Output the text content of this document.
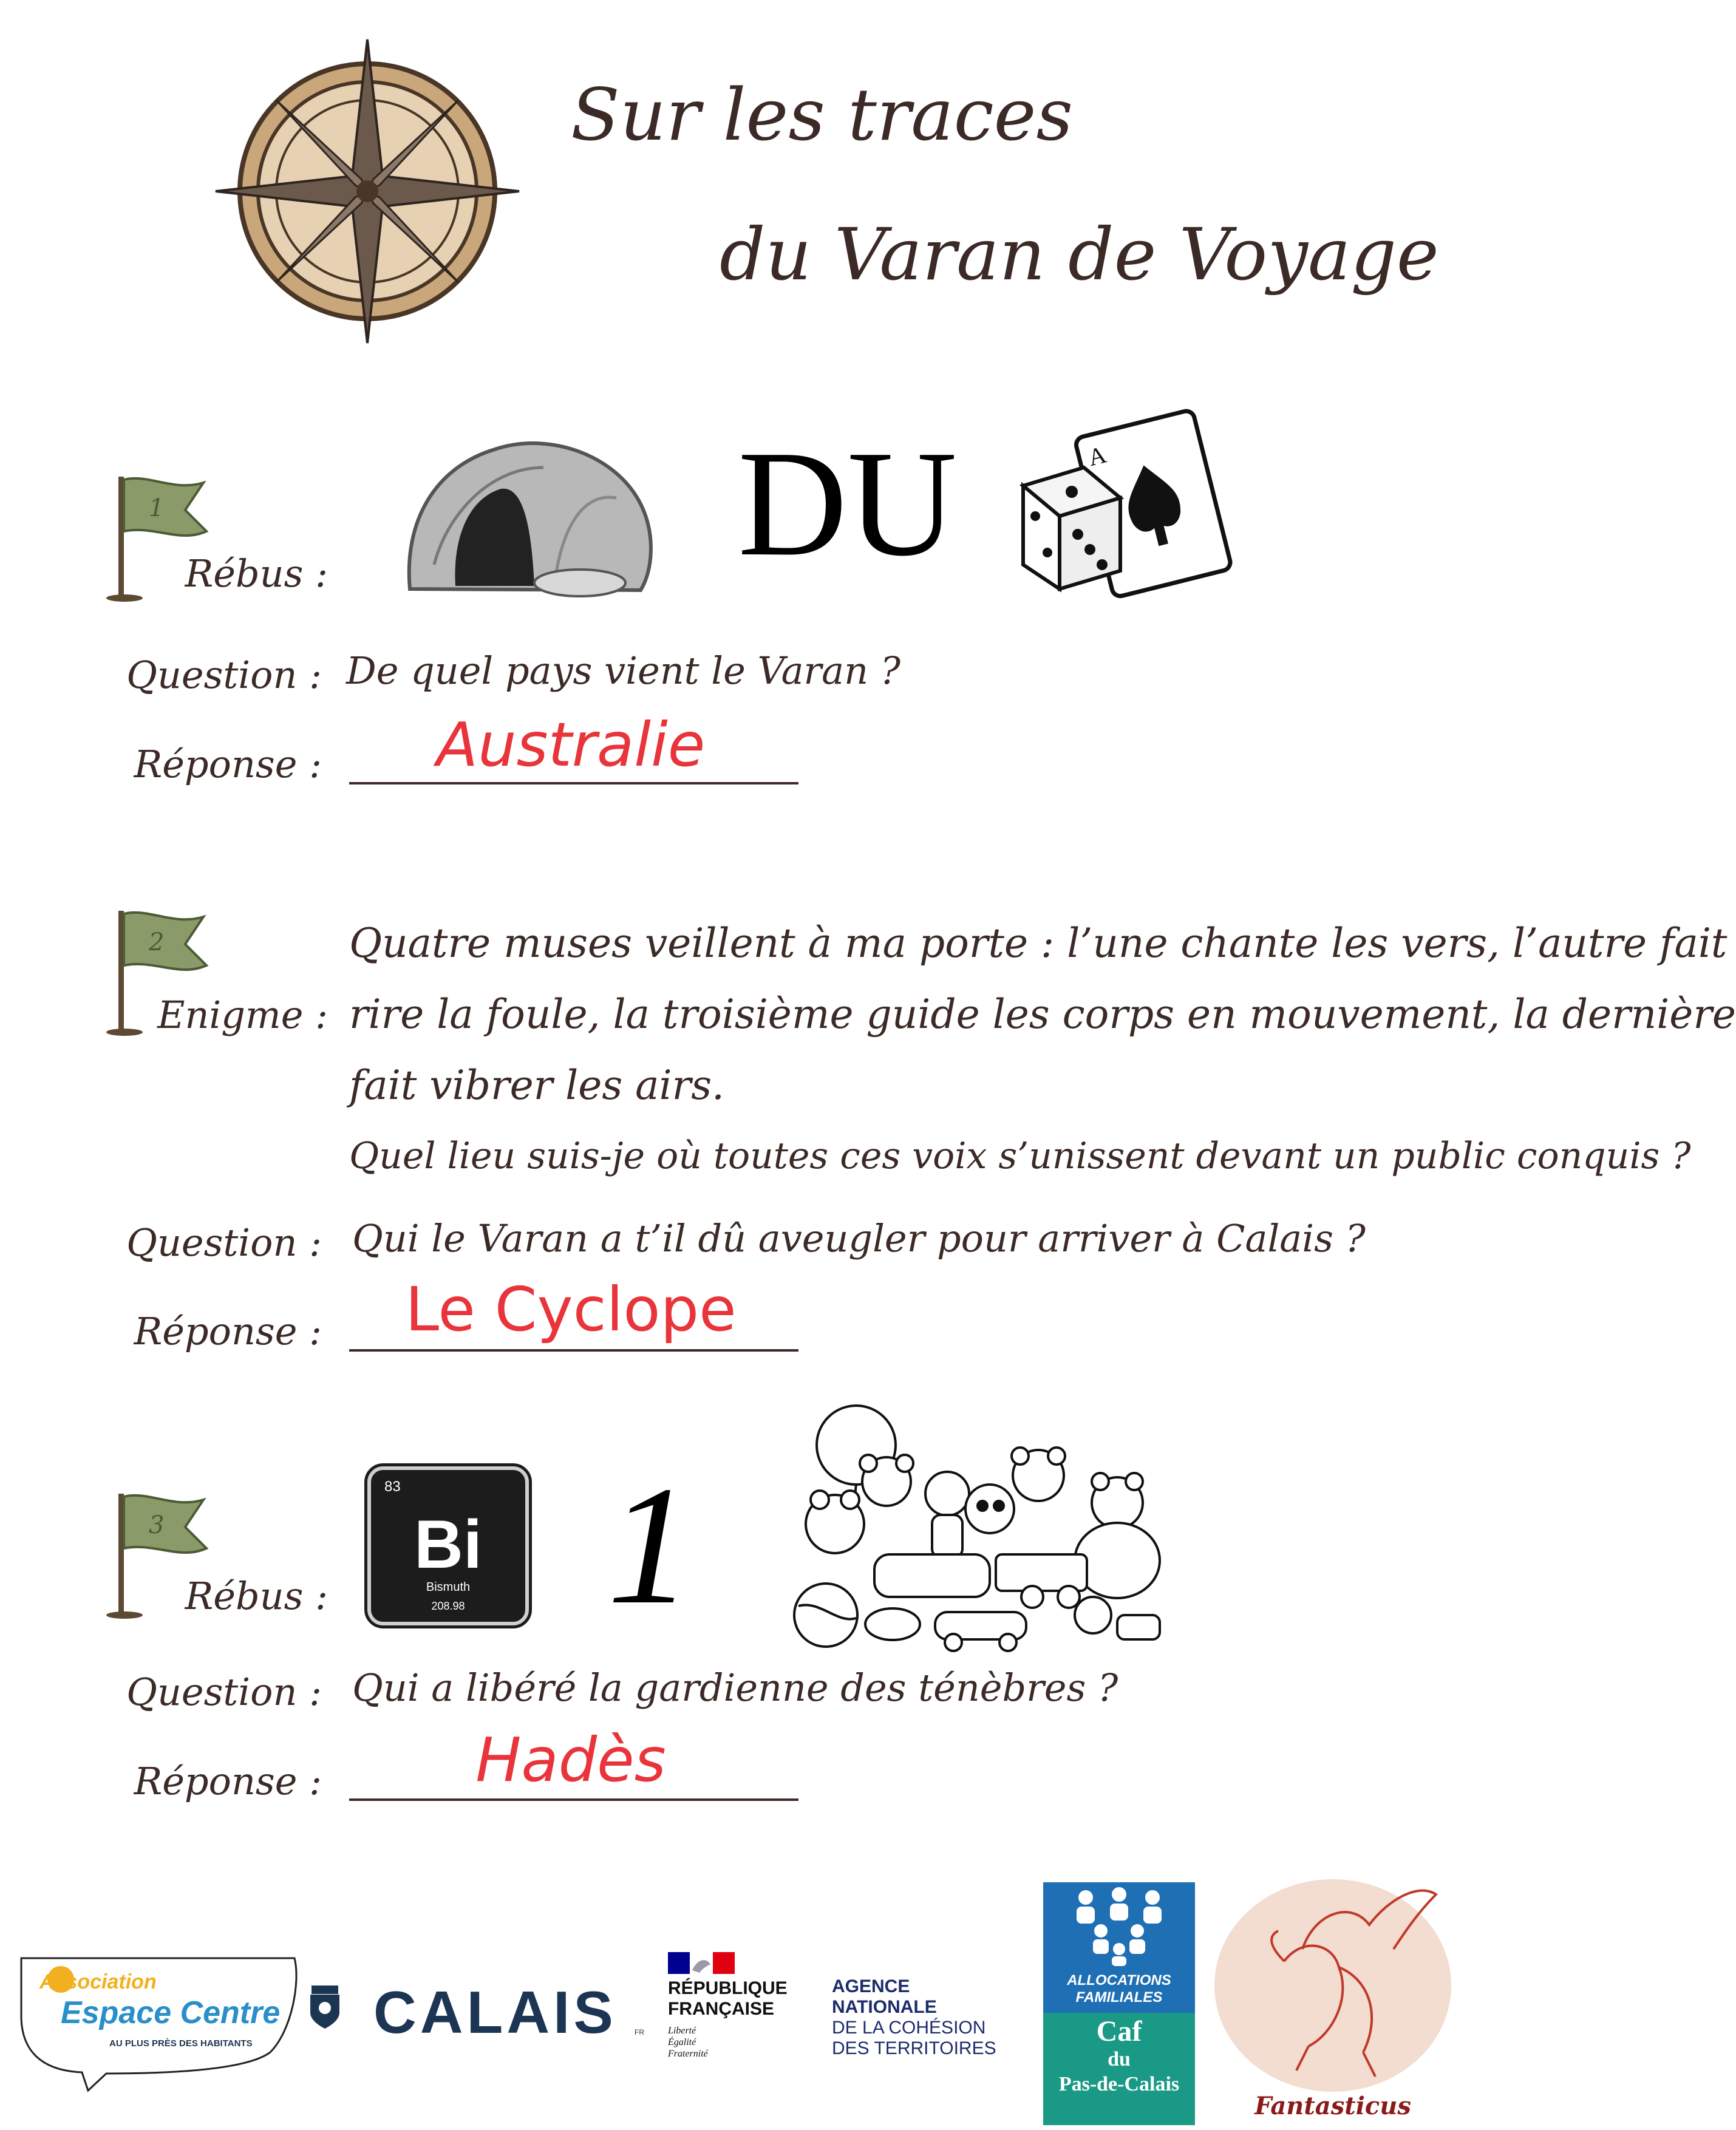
Sur les traces
du Varan de Voyage
1
Rébus :	DU	A
Question : De quel pays vient le Varan ?
Réponse :	Australie
2
Enigme :
Quatre muses veillent à ma porte : l’une chante les vers, l’autre fait
rire la foule, la troisième guide les corps en mouvement, la dernière
fait vibrer les airs.
Quel lieu suis-je où toutes ces voix s’unissent devant un public conquis ?
Question : Qui le Varan a t’il dû aveugler pour arriver à Calais ?
Réponse :	Le Cyclope
3
Rébus :
83
Bi
Bismuth
208.98 1
Question : Qui a libéré la gardienne des ténèbres ?
Réponse :	Hadès
Association
Espace Centre
AU PLUS PRÈS DES HABITANTS CALAIS FR
RÉPUBLIQUE
FRANÇAISE
Liberté
Égalité
Fraternité
AGENCE
NATIONALE
DE LA COHÉSION
DES TERRITOIRES
ALLOCATIONS
FAMILIALES
Caf
du
Pas-de-Calais
Fantasticus
